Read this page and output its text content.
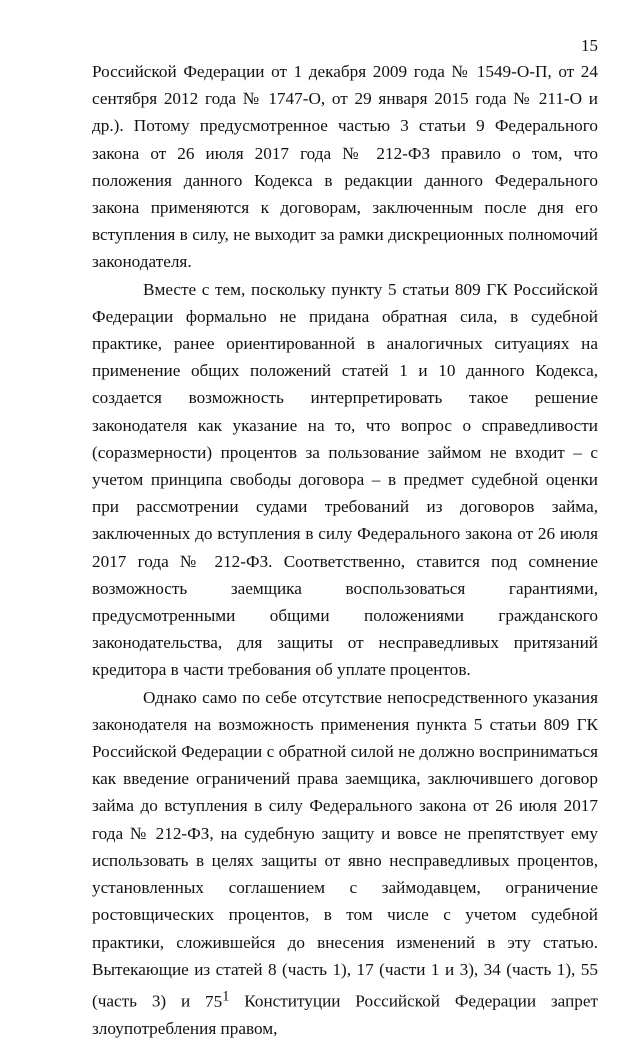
15

Российской Федерации от 1 декабря 2009 года № 1549-О-П, от 24 сентября 2012 года № 1747-О, от 29 января 2015 года № 211-О и др.). Потому предусмотренное частью 3 статьи 9 Федерального закона от 26 июля 2017 года № 212-ФЗ правило о том, что положения данного Кодекса в редакции данного Федерального закона применяются к договорам, заключенным после дня его вступления в силу, не выходит за рамки дискреционных полномочий законодателя.

Вместе с тем, поскольку пункту 5 статьи 809 ГК Российской Федерации формально не придана обратная сила, в судебной практике, ранее ориентированной в аналогичных ситуациях на применение общих положений статей 1 и 10 данного Кодекса, создается возможность интерпретировать такое решение законодателя как указание на то, что вопрос о справедливости (соразмерности) процентов за пользование займом не входит – с учетом принципа свободы договора – в предмет судебной оценки при рассмотрении судами требований из договоров займа, заключенных до вступления в силу Федерального закона от 26 июля 2017 года № 212-ФЗ. Соответственно, ставится под сомнение возможность заемщика воспользоваться гарантиями, предусмотренными общими положениями гражданского законодательства, для защиты от несправедливых притязаний кредитора в части требования об уплате процентов.

Однако само по себе отсутствие непосредственного указания законодателя на возможность применения пункта 5 статьи 809 ГК Российской Федерации с обратной силой не должно восприниматься как введение ограничений права заемщика, заключившего договор займа до вступления в силу Федерального закона от 26 июля 2017 года № 212-ФЗ, на судебную защиту и вовсе не препятствует ему использовать в целях защиты от явно несправедливых процентов, установленных соглашением с займодавцем, ограничение ростовщических процентов, в том числе с учетом судебной практики, сложившейся до внесения изменений в эту статью. Вытекающие из статей 8 (часть 1), 17 (части 1 и 3), 34 (часть 1), 55 (часть 3) и $75^1$ Конституции Российской Федерации запрет злоупотребления правом,
